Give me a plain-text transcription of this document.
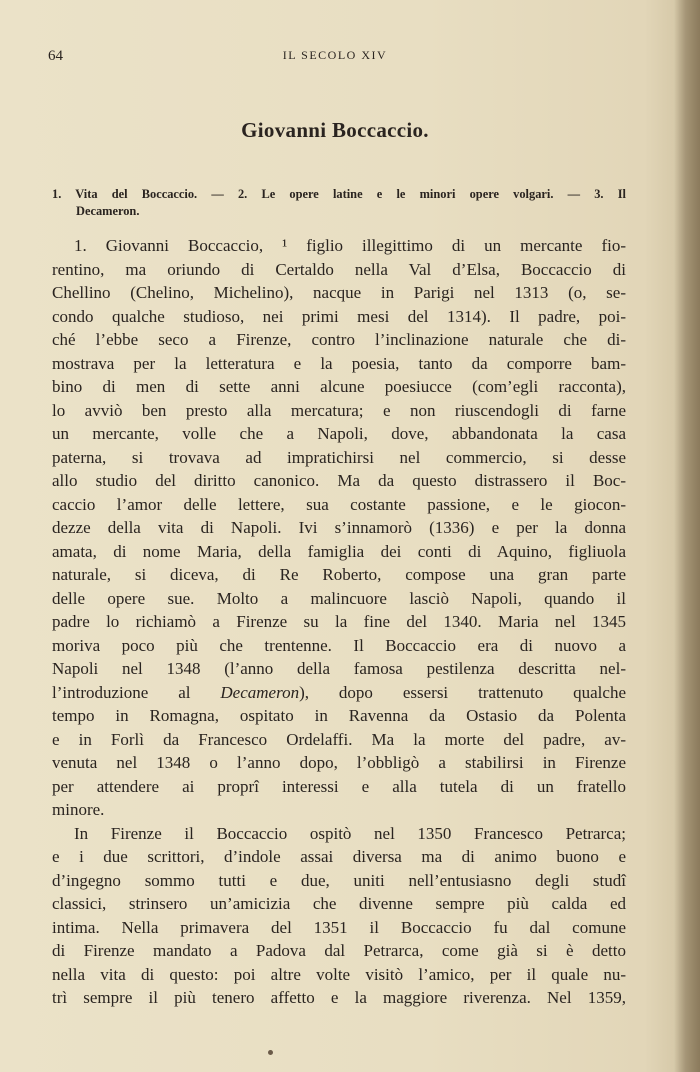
64	IL SECOLO XIV
Giovanni Boccaccio.
1. Vita del Boccaccio. — 2. Le opere latine e le minori opere volgari. — 3. Il
Decameron.
1. Giovanni Boccaccio, ¹ figlio illegittimo di un mercante fio-
rentino, ma oriundo di Certaldo nella Val d’Elsa, Boccaccio di
Chellino (Chelino, Michelino), nacque in Parigi nel 1313 (o, se-
condo qualche studioso, nei primi mesi del 1314). Il padre, poi-
ché l’ebbe seco a Firenze, contro l’inclinazione naturale che di-
mostrava per la letteratura e la poesia, tanto da comporre bam-
bino di men di sette anni alcune poesiucce (com’egli racconta),
lo avviò ben presto alla mercatura; e non riuscendogli di farne
un mercante, volle che a Napoli, dove, abbandonata la casa
paterna, si trovava ad impratichirsi nel commercio, si desse
allo studio del diritto canonico. Ma da questo distrassero il Boc-
caccio l’amor delle lettere, sua costante passione, e le giocon-
dezze della vita di Napoli. Ivi s’innamorò (1336) e per la donna
amata, di nome Maria, della famiglia dei conti di Aquino, figliuola
naturale, si diceva, di Re Roberto, compose una gran parte
delle opere sue. Molto a malincuore lasciò Napoli, quando il
padre lo richiamò a Firenze su la fine del 1340. Maria nel 1345
moriva poco più che trentenne. Il Boccaccio era di nuovo a
Napoli nel 1348 (l’anno della famosa pestilenza descritta nel-
l’introduzione al Decameron), dopo essersi trattenuto qualche
tempo in Romagna, ospitato in Ravenna da Ostasio da Polenta
e in Forlì da Francesco Ordelaffi. Ma la morte del padre, av-
venuta nel 1348 o l’anno dopo, l’obbligò a stabilirsi in Firenze
per attendere ai proprî interessi e alla tutela di un fratello
minore.
In Firenze il Boccaccio ospitò nel 1350 Francesco Petrarca;
e i due scrittori, d’indole assai diversa ma di animo buono e
d’ingegno sommo tutti e due, uniti nell’entusiasno degli studî
classici, strinsero un’amicizia che divenne sempre più calda ed
intima. Nella primavera del 1351 il Boccaccio fu dal comune
di Firenze mandato a Padova dal Petrarca, come già si è detto
nella vita di questo: poi altre volte visitò l’amico, per il quale nu-
trì sempre il più tenero affetto e la maggiore riverenza. Nel 1359,
